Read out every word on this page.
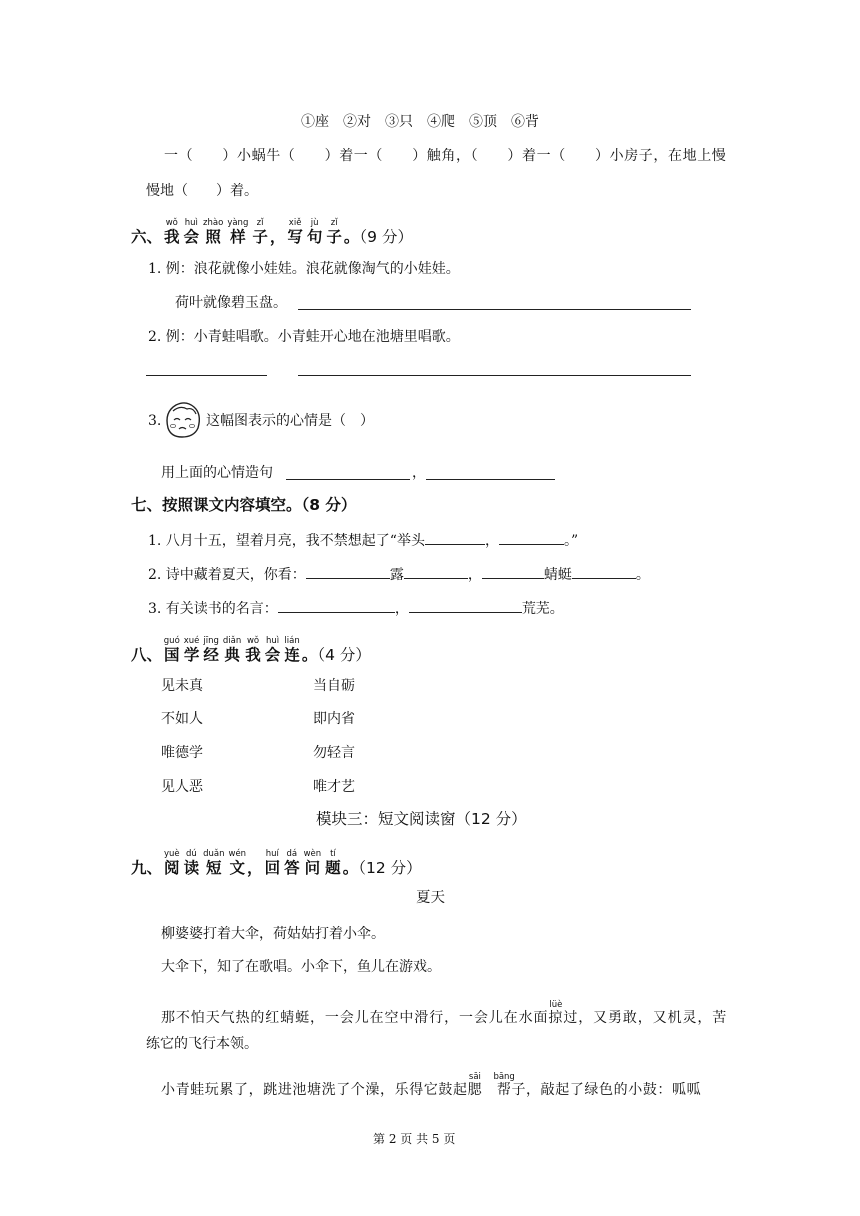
①座　②对　③只　④爬　⑤顶　⑥背
一（　　）小蜗牛（　　）着一（　　）触角，（　　）着一（　　）小房子，在地上慢
慢地（　　）着。
六、 我wǒ会huì照zhào样yàng子zǐ， 写xiě句jù子zǐ。（9 分）
1. 例：浪花就像小娃娃。浪花就像淘气的小娃娃。
荷叶就像碧玉盘。
2. 例：小青蛙唱歌。小青蛙开心地在池塘里唱歌。
3.	这幅图表示的心情是（　）
用上面的心情造句	，
七、按照课文内容填空。（8 分）
1. 八月十五，望着月亮，我不禁想起了“举头	，	。”
2. 诗中藏着夏天，你看：	露	，	蜻蜓	。
3. 有关读书的名言：	，	荒芜。
八、 国guó学xué经jīng典diǎn我wǒ会huì连lián。（4 分）
见未真	当自砺
不如人	即内省
唯德学	勿轻言
见人恶	唯才艺
模块三：短文阅读窗（12 分）
九、 阅yuè读dú短duǎn文wén， 回huí答dá问wèn题tí。（12 分）
夏天
柳婆婆打着大伞，荷姑姑打着小伞。
大伞下，知了在歌唱。小伞下，鱼儿在游戏。
那不怕天气热的红蜻蜓，一会儿在空中滑行，一会儿在水面掠lüè过，又勇敢，又机灵，苦
练它的飞行本领。
小青蛙玩累了，跳进池塘洗了个澡，乐得它鼓起腮sāi　帮bāng子，敲起了绿色的小鼓：呱呱
第 2 页 共 5 页
